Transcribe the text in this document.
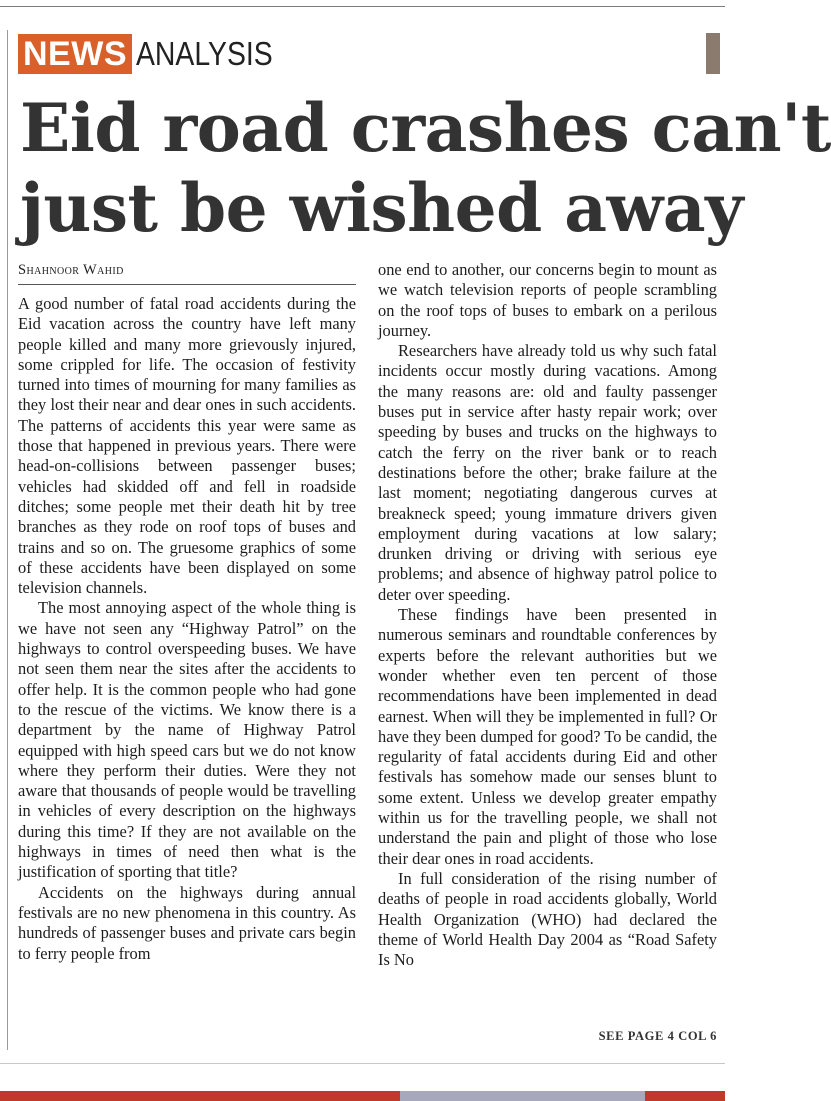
NEWS ANALYSIS
Eid road crashes can't
just be wished away
Shahnoor Wahid

A good number of fatal road accidents during the Eid vacation across the country have left many people killed and many more grievously injured, some crippled for life. The occasion of festivity turned into times of mourning for many families as they lost their near and dear ones in such accidents. The patterns of accidents this year were same as those that happened in previous years. There were head-on-collisions between passenger buses; vehicles had skidded off and fell in roadside ditches; some people met their death hit by tree branches as they rode on roof tops of buses and trains and so on. The gruesome graphics of some of these accidents have been displayed on some television channels.

The most annoying aspect of the whole thing is we have not seen any “Highway Patrol” on the highways to control overspeeding buses. We have not seen them near the sites after the accidents to offer help. It is the common people who had gone to the rescue of the victims. We know there is a department by the name of Highway Patrol equipped with high speed cars but we do not know where they perform their duties. Were they not aware that thousands of people would be travelling in vehicles of every description on the highways during this time? If they are not available on the highways in times of need then what is the justification of sporting that title?

Accidents on the highways during annual festivals are no new phenomena in this country. As hundreds of passenger buses and private cars begin to ferry people from

one end to another, our concerns begin to mount as we watch television reports of people scrambling on the roof tops of buses to embark on a perilous journey.

Researchers have already told us why such fatal incidents occur mostly during vacations. Among the many reasons are: old and faulty passenger buses put in service after hasty repair work; over speeding by buses and trucks on the highways to catch the ferry on the river bank or to reach destinations before the other; brake failure at the last moment; negotiating dangerous curves at breakneck speed; young immature drivers given employment during vacations at low salary; drunken driving or driving with serious eye problems; and absence of highway patrol police to deter over speeding.

These findings have been presented in numerous seminars and roundtable conferences by experts before the relevant authorities but we wonder whether even ten percent of those recommendations have been implemented in dead earnest. When will they be implemented in full? Or have they been dumped for good? To be candid, the regularity of fatal accidents during Eid and other festivals has somehow made our senses blunt to some extent. Unless we develop greater empathy within us for the travelling people, we shall not understand the pain and plight of those who lose their dear ones in road accidents.

In full consideration of the rising number of deaths of people in road accidents globally, World Health Organization (WHO) had declared the theme of World Health Day 2004 as “Road Safety Is No

SEE PAGE 4 COL 6
